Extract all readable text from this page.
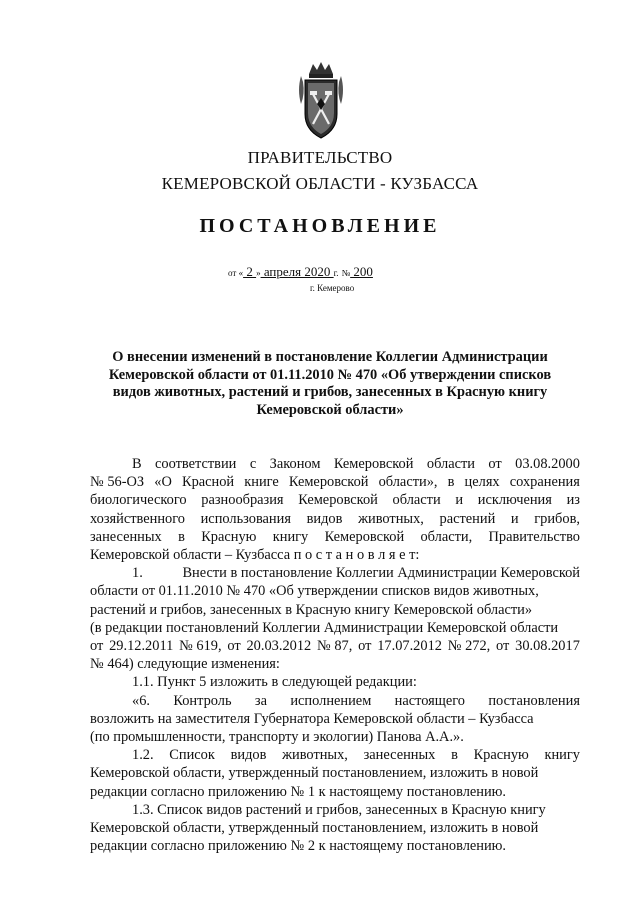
ПРАВИТЕЛЬСТВО
КЕМЕРОВСКОЙ ОБЛАСТИ - КУЗБАССА
ПОСТАНОВЛЕНИЕ
от « 2 » апреля 2020 г. № 200
г. Кемерово
О внесении изменений в постановление Коллегии Администрации
Кемеровской области от 01.11.2010 № 470 «Об утверждении списков
видов животных, растений и грибов, занесенных в Красную книгу
Кемеровской области»
В соответствии с Законом Кемеровской области от 03.08.2000
№ 56-ОЗ «О Красной книге Кемеровской области», в целях сохранения
биологического разнообразия Кемеровской области и исключения из
хозяйственного использования видов животных, растений и грибов,
занесенных в Красную книгу Кемеровской области, Правительство
Кемеровской области – Кузбасса п о с т а н о в л я е т:
1.	Внести в постановление Коллегии Администрации Кемеровской
области от 01.11.2010 № 470 «Об утверждении списков видов животных,
растений и грибов, занесенных в Красную книгу Кемеровской области»
(в редакции постановлений Коллегии Администрации Кемеровской области
от 29.12.2011 № 619, от 20.03.2012 № 87, от 17.07.2012 № 272, от 30.08.2017
№ 464) следующие изменения:
1.1. Пункт 5 изложить в следующей редакции:
«6. Контроль за исполнением настоящего постановления
возложить на заместителя Губернатора Кемеровской области – Кузбасса
(по промышленности, транспорту и экологии) Панова А.А.».
1.2. Список видов животных, занесенных в Красную книгу
Кемеровской области, утвержденный постановлением, изложить в новой
редакции согласно приложению № 1 к настоящему постановлению.
1.3. Список видов растений и грибов, занесенных в Красную книгу
Кемеровской области, утвержденный постановлением, изложить в новой
редакции согласно приложению № 2 к настоящему постановлению.
